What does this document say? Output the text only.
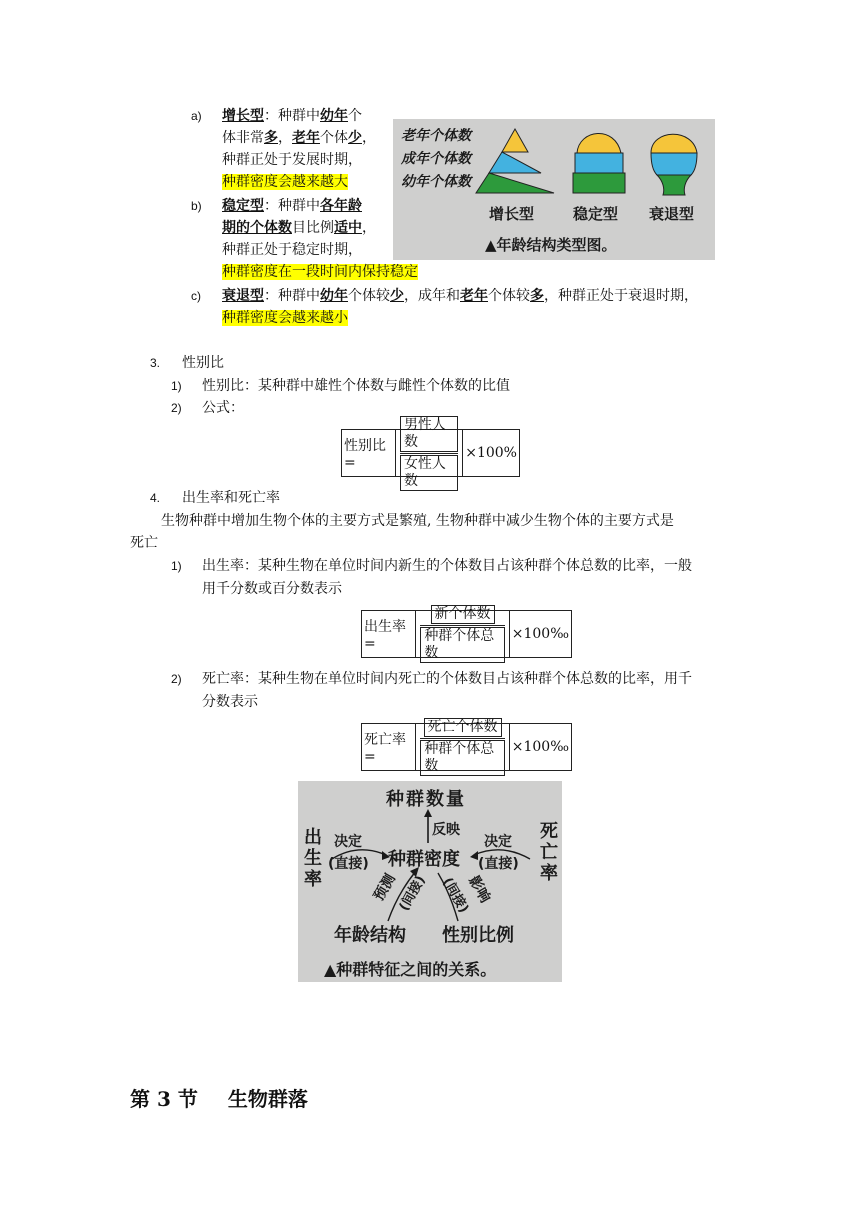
a) 增长型：种群中幼年个
体非常多，老年个体少，
种群正处于发展时期，
种群密度会越来越大
b) 稳定型：种群中各年龄
期的个体数目比例适中，
种群正处于稳定时期，
种群密度在一段时间内保持稳定
老年个体数
成年个体数
幼年个体数
增长型	稳定型 衰退型
▲年龄结构类型图。
c) 衰退型：种群中幼年个体较少，成年和老年个体较多，种群正处于衰退时期，
种群密度会越来越小
3. 性别比
1) 性别比：某种群中雄性个体数与雌性个体数的比值
2) 公式：
性别比=	$\frac{\text{男性人数}}{\text{女性人数}} \times 100\%$
4. 出生率和死亡率
生物种群中增加生物个体的主要方式是繁殖, 生物种群中减少生物个体的主要方式是
死亡
1) 出生率：某种生物在单位时间内新生的个体数目占该种群个体总数的比率，一般
用千分数或百分数表示
出生率=	$\frac{\text{新个体数}}{\text{种群个体总数}}$ ×100‰
2) 死亡率：某种生物在单位时间内死亡的个体数目占该种群个体总数的比率，用千
分数表示
死亡率=	$\frac{\text{死亡个体数}}{\text{种群个体总数}}$ ×100‰
种群数量
反映
种群密度
出生率
死亡率
决定
(直接)
决定
(直接)
预测
(间接) (间接)
影响
年龄结构 性别比例
▲种群特征之间的关系。
第 3 节 生物群落
